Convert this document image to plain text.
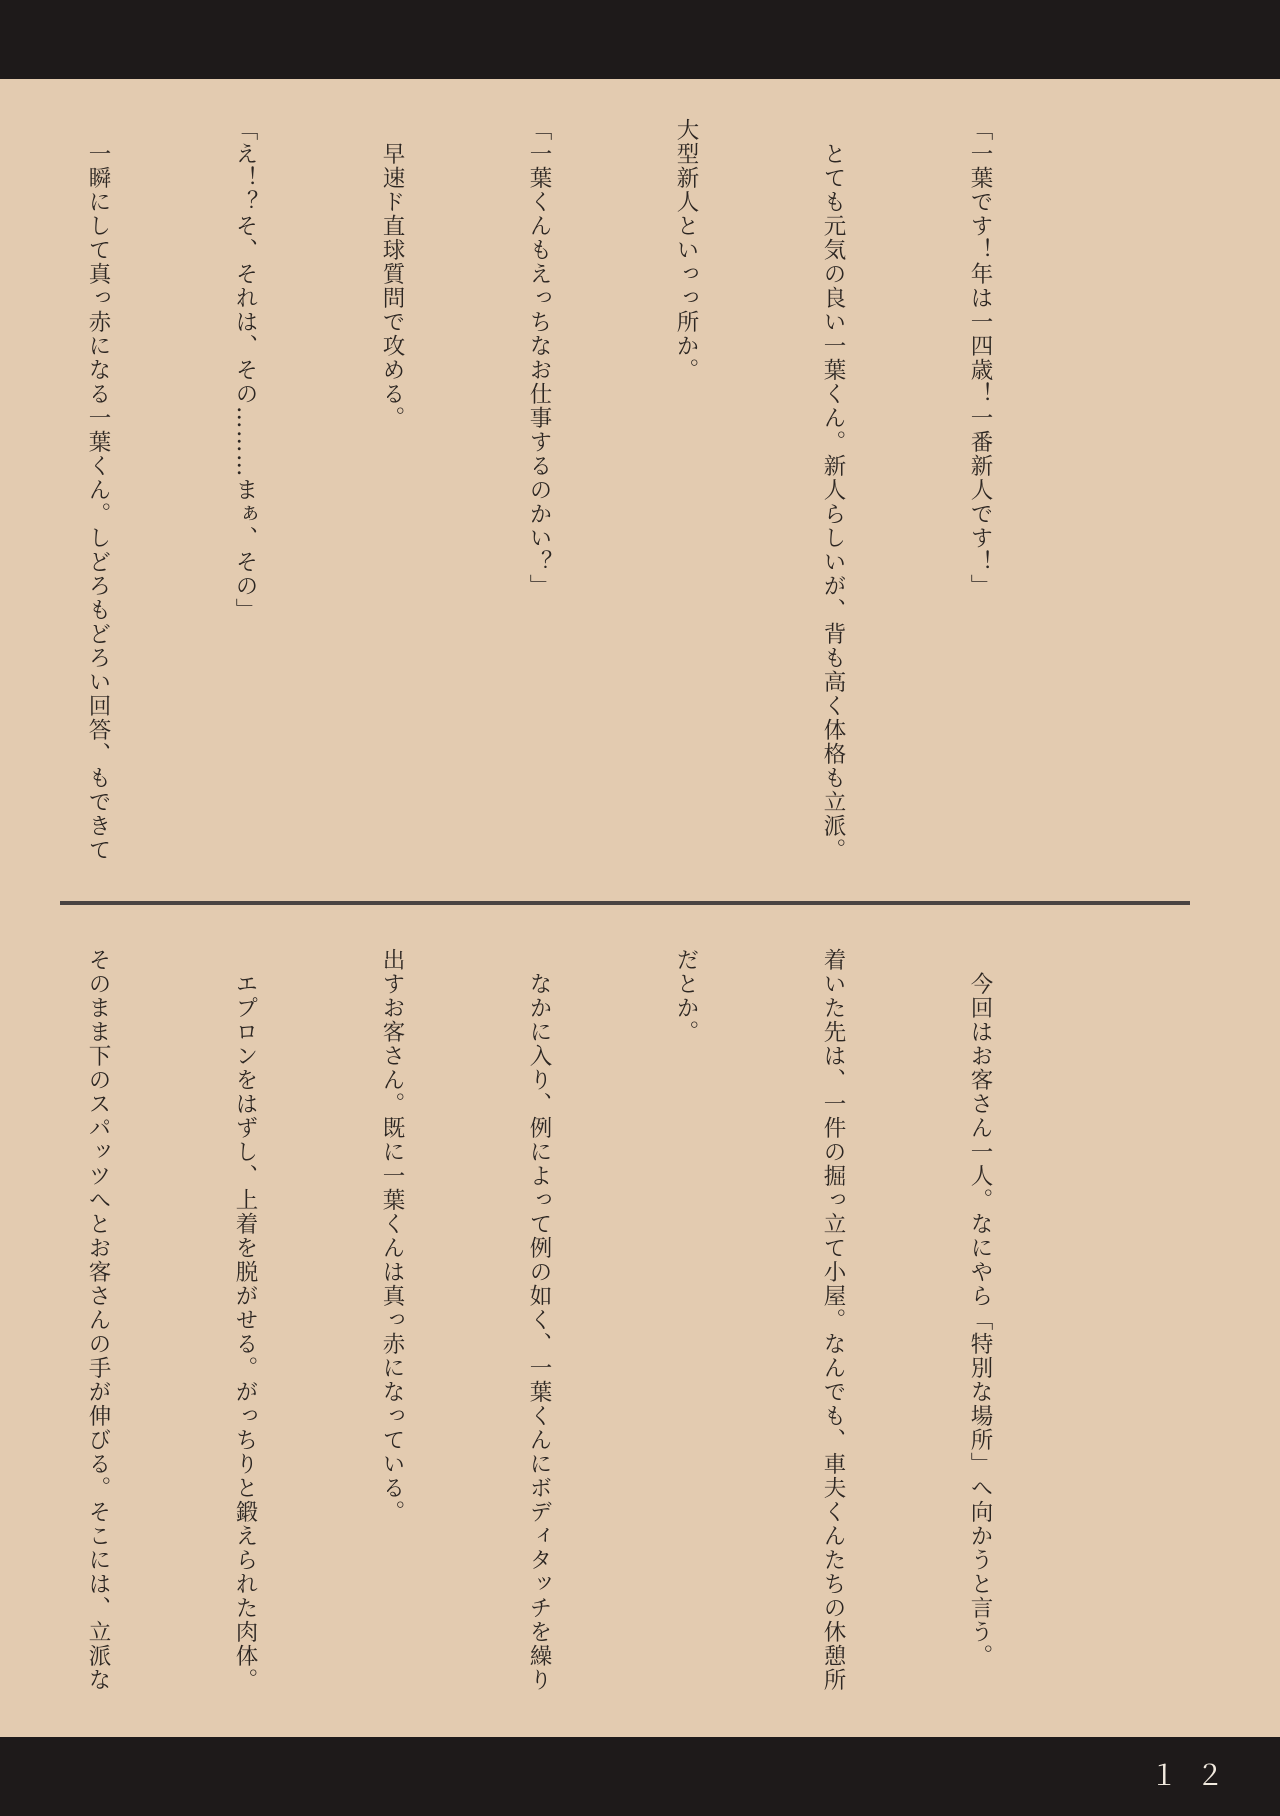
「一葉です！年は一四歳！一番新人です！」

　とても元気の良い一葉くん。新人らしいが、背も高く体格も立派。

大型新人といっっ所か。

「一葉くんもえっちなお仕事するのかい？」

　早速ド直球質問で攻める。

「え！？そ、それは、その………まぁ、その」

　一瞬にして真っ赤になる一葉くん。しどろもどろい回答、もできて

　今回はお客さん一人。なにやら「特別な場所」へ向かうと言う。

着いた先は、一件の掘っ立て小屋。なんでも、車夫くんたちの休憩所

だとか。

　なかに入り、例によって例の如く、一葉くんにボディタッチを繰り

出すお客さん。既に一葉くんは真っ赤になっている。

　エプロンをはずし、上着を脱がせる。がっちりと鍛えられた肉体。

そのまま下のスパッツへとお客さんの手が伸びる。そこには、立派な

１２
